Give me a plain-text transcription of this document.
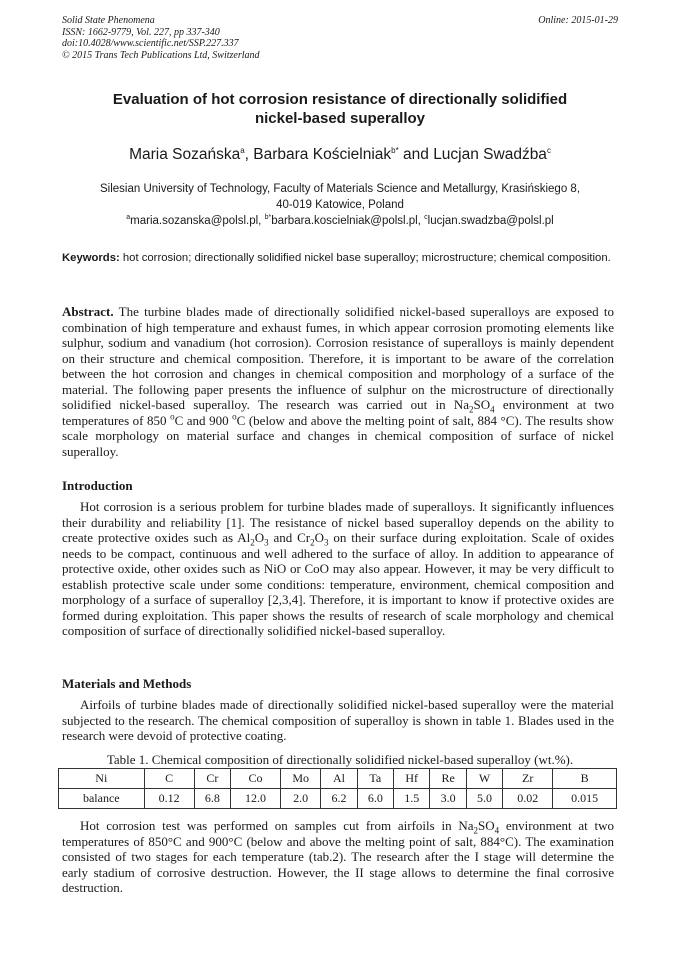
Solid State Phenomena
ISSN: 1662-9779, Vol. 227, pp 337-340
doi:10.4028/www.scientific.net/SSP.227.337
© 2015 Trans Tech Publications Ltd, Switzerland
Online: 2015-01-29
Evaluation of hot corrosion resistance of directionally solidified
nickel-based superalloy
Maria Sozańska$^a$, Barbara Kościelniak$^{b*}$ and Lucjan Swadźba$^c$
Silesian University of Technology, Faculty of Materials Science and Metallurgy, Krasińskiego 8,
40-019 Katowice, Poland
$^a$maria.sozanska@polsl.pl, $^{b*}$barbara.koscielniak@polsl.pl, $^c$lucjan.swadzba@polsl.pl
Keywords: hot corrosion; directionally solidified nickel base superalloy; microstructure; chemical composition.
Abstract. The turbine blades made of directionally solidified nickel-based superalloys are exposed to combination of high temperature and exhaust fumes, in which appear corrosion promoting elements like sulphur, sodium and vanadium (hot corrosion). Corrosion resistance of superalloys is mainly dependent on their structure and chemical composition. Therefore, it is important to be aware of the correlation between the hot corrosion and changes in chemical composition and morphology of a surface of the material. The following paper presents the influence of sulphur on the microstructure of directionally solidified nickel-based superalloy. The research was carried out in $Na_2SO_4$ environment at two temperatures of 850 $^o$C and 900 $^o$C (below and above the melting point of salt, 884 °C). The results show scale morphology on material surface and changes in chemical composition of surface of nickel superalloy.
Introduction
Hot corrosion is a serious problem for turbine blades made of superalloys. It significantly influences their durability and reliability [1]. The resistance of nickel based superalloy depends on the ability to create protective oxides such as $Al_2O_3$ and $Cr_2O_3$ on their surface during exploitation. Scale of oxides needs to be compact, continuous and well adhered to the surface of alloy. In addition to appearance of protective oxide, other oxides such as NiO or CoO may also appear. However, it may be very difficult to establish protective scale under some conditions: temperature, environment, chemical composition and morphology of a surface of superalloy [2,3,4]. Therefore, it is important to know if protective oxides are formed during exploitation. This paper shows the results of research of scale morphology and chemical composition of surface of directionally solidified nickel-based superalloy.
Materials and Methods
Airfoils of turbine blades made of directionally solidified nickel-based superalloy were the material subjected to the research. The chemical composition of superalloy is shown in table 1. Blades used in the research were devoid of protective coating.
Table 1. Chemical composition of directionally solidified nickel-based superalloy (wt.%).
Ni	C	Cr	Co	Mo	Al	Ta	Hf	Re	W	Zr	B
balance	0.12	6.8	12.0	2.0	6.2	6.0	1.5	3.0	5.0	0.02	0.015
Hot corrosion test was performed on samples cut from airfoils in $Na_2SO_4$ environment at two temperatures of 850°C and 900°C (below and above the melting point of salt, 884°C). The examination consisted of two stages for each temperature (tab.2). The research after the I stage will determine the early stadium of corrosive destruction. However, the II stage allows to determine the final corrosive destruction.
